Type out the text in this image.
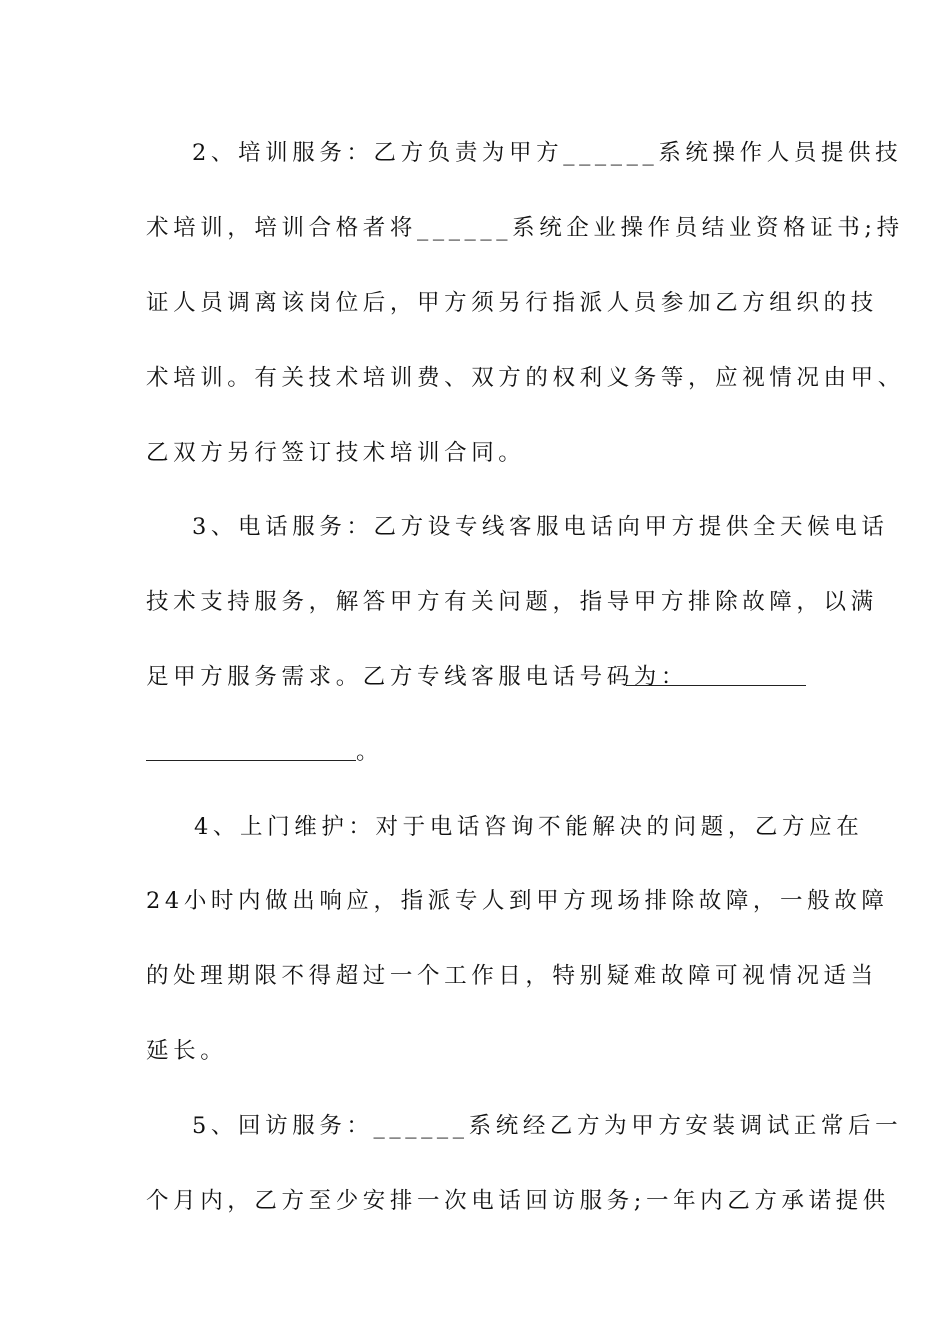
2、培训服务：乙方负责为甲方______系统操作人员提供技
术培训，培训合格者将______系统企业操作员结业资格证书;持
证人员调离该岗位后，甲方须另行指派人员参加乙方组织的技
术培训。有关技术培训费、双方的权利义务等，应视情况由甲、
乙双方另行签订技术培训合同。
3、电话服务：乙方设专线客服电话向甲方提供全天候电话
技术支持服务，解答甲方有关问题，指导甲方排除故障，以满
足甲方服务需求。乙方专线客服电话号码为：
。
4、上门维护：对于电话咨询不能解决的问题，乙方应在
24小时内做出响应，指派专人到甲方现场排除故障，一般故障
的处理期限不得超过一个工作日，特别疑难故障可视情况适当
延长。
5、回访服务：______系统经乙方为甲方安装调试正常后一
个月内，乙方至少安排一次电话回访服务;一年内乙方承诺提供
